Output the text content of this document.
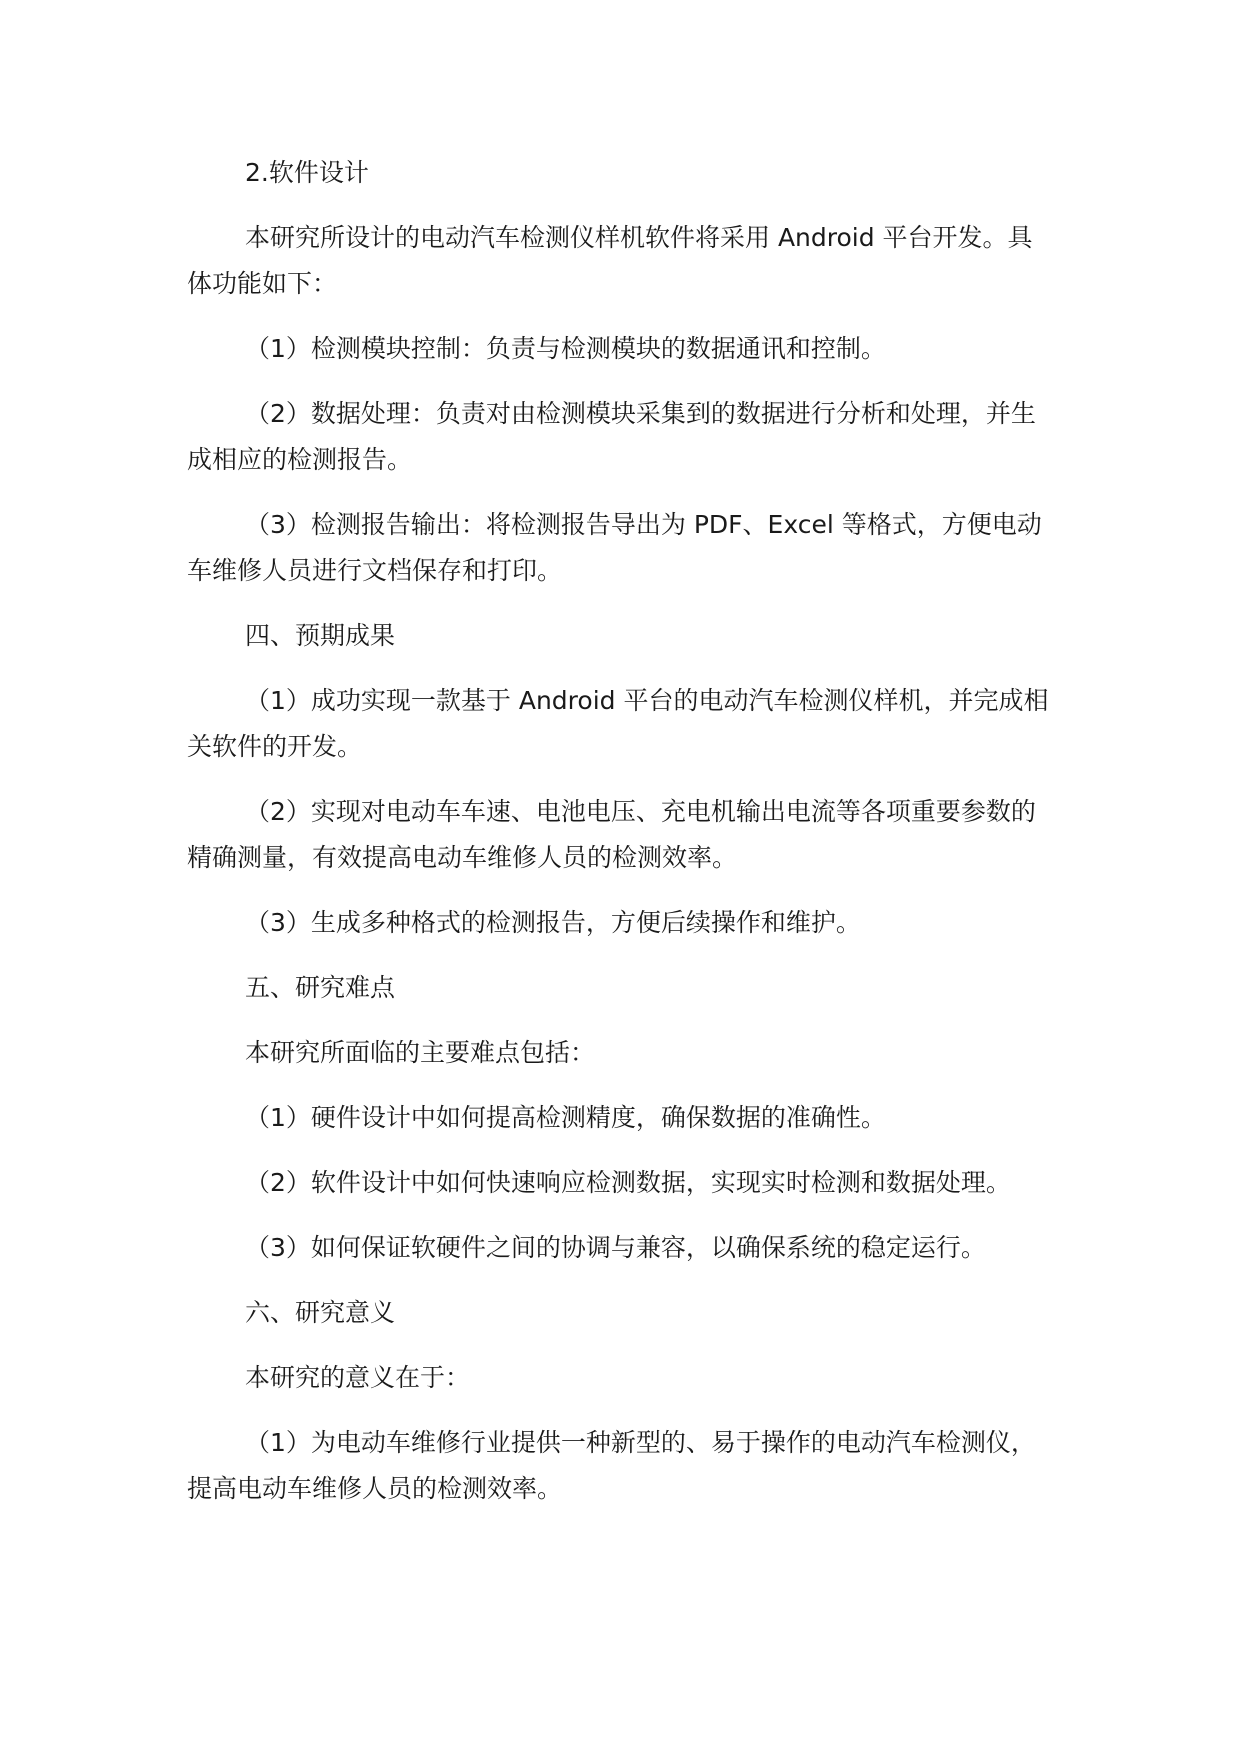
2.软件设计

本研究所设计的电动汽车检测仪样机软件将采用 Android 平台开发。具体功能如下：

（1）检测模块控制：负责与检测模块的数据通讯和控制。

（2）数据处理：负责对由检测模块采集到的数据进行分析和处理，并生成相应的检测报告。

（3）检测报告输出：将检测报告导出为 PDF、Excel 等格式，方便电动车维修人员进行文档保存和打印。

四、预期成果

（1）成功实现一款基于 Android 平台的电动汽车检测仪样机，并完成相关软件的开发。

（2）实现对电动车车速、电池电压、充电机输出电流等各项重要参数的精确测量，有效提高电动车维修人员的检测效率。

（3）生成多种格式的检测报告，方便后续操作和维护。

五、研究难点

本研究所面临的主要难点包括：

（1）硬件设计中如何提高检测精度，确保数据的准确性。

（2）软件设计中如何快速响应检测数据，实现实时检测和数据处理。

（3）如何保证软硬件之间的协调与兼容，以确保系统的稳定运行。

六、研究意义

本研究的意义在于：

（1）为电动车维修行业提供一种新型的、易于操作的电动汽车检测仪，提高电动车维修人员的检测效率。
